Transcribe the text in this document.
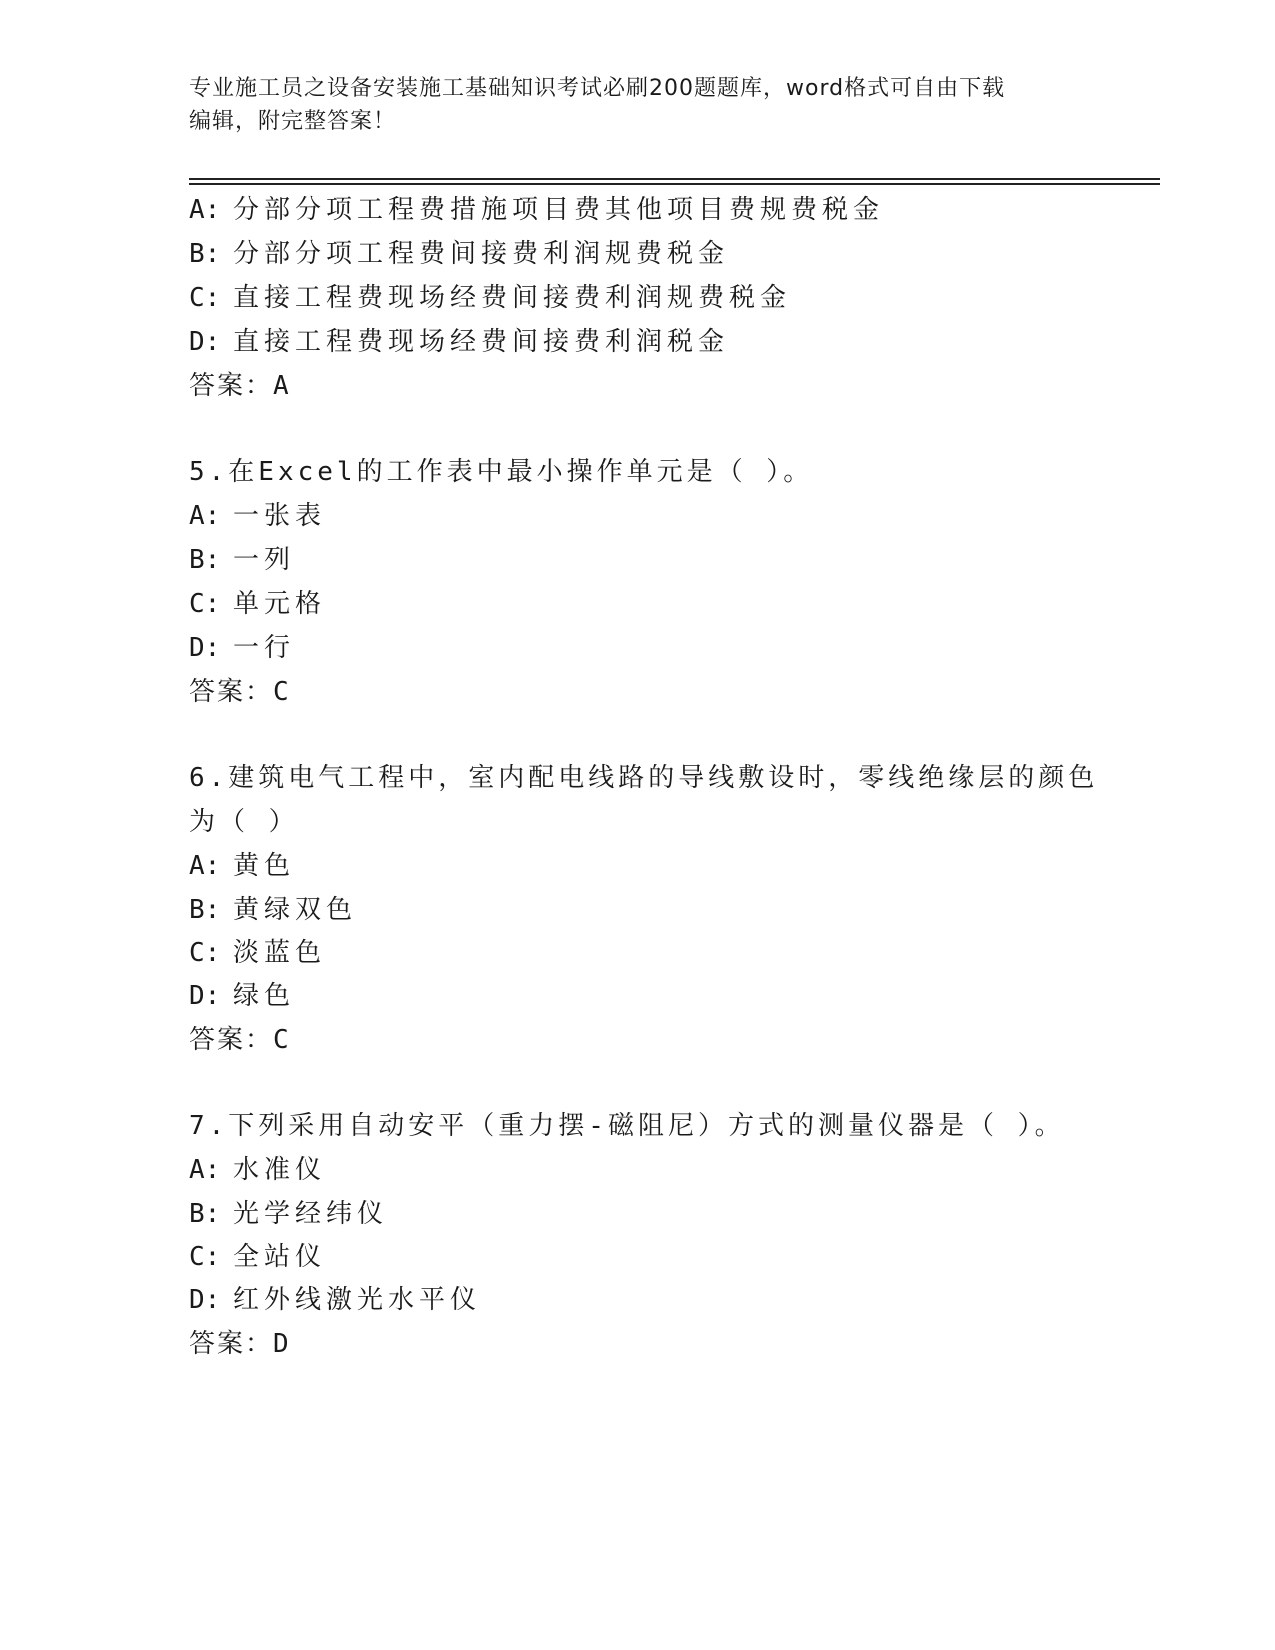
专业施工员之设备安装施工基础知识考试必刷200题题库，word格式可自由下载
编辑，附完整答案！
A: 分部分项工程费措施项目费其他项目费规费税金
B: 分部分项工程费间接费利润规费税金
C: 直接工程费现场经费间接费利润规费税金
D: 直接工程费现场经费间接费利润税金
答案：A
5.在Excel的工作表中最小操作单元是（ ）。
A: 一张表
B: 一列
C: 单元格
D: 一行
答案：C
6.建筑电气工程中，室内配电线路的导线敷设时，零线绝缘层的颜色
为（ ）
A: 黄色
B: 黄绿双色
C: 淡蓝色
D: 绿色
答案：C
7.下列采用自动安平（重力摆-磁阻尼）方式的测量仪器是（ ）。
A: 水准仪
B: 光学经纬仪
C: 全站仪
D: 红外线激光水平仪
答案：D
